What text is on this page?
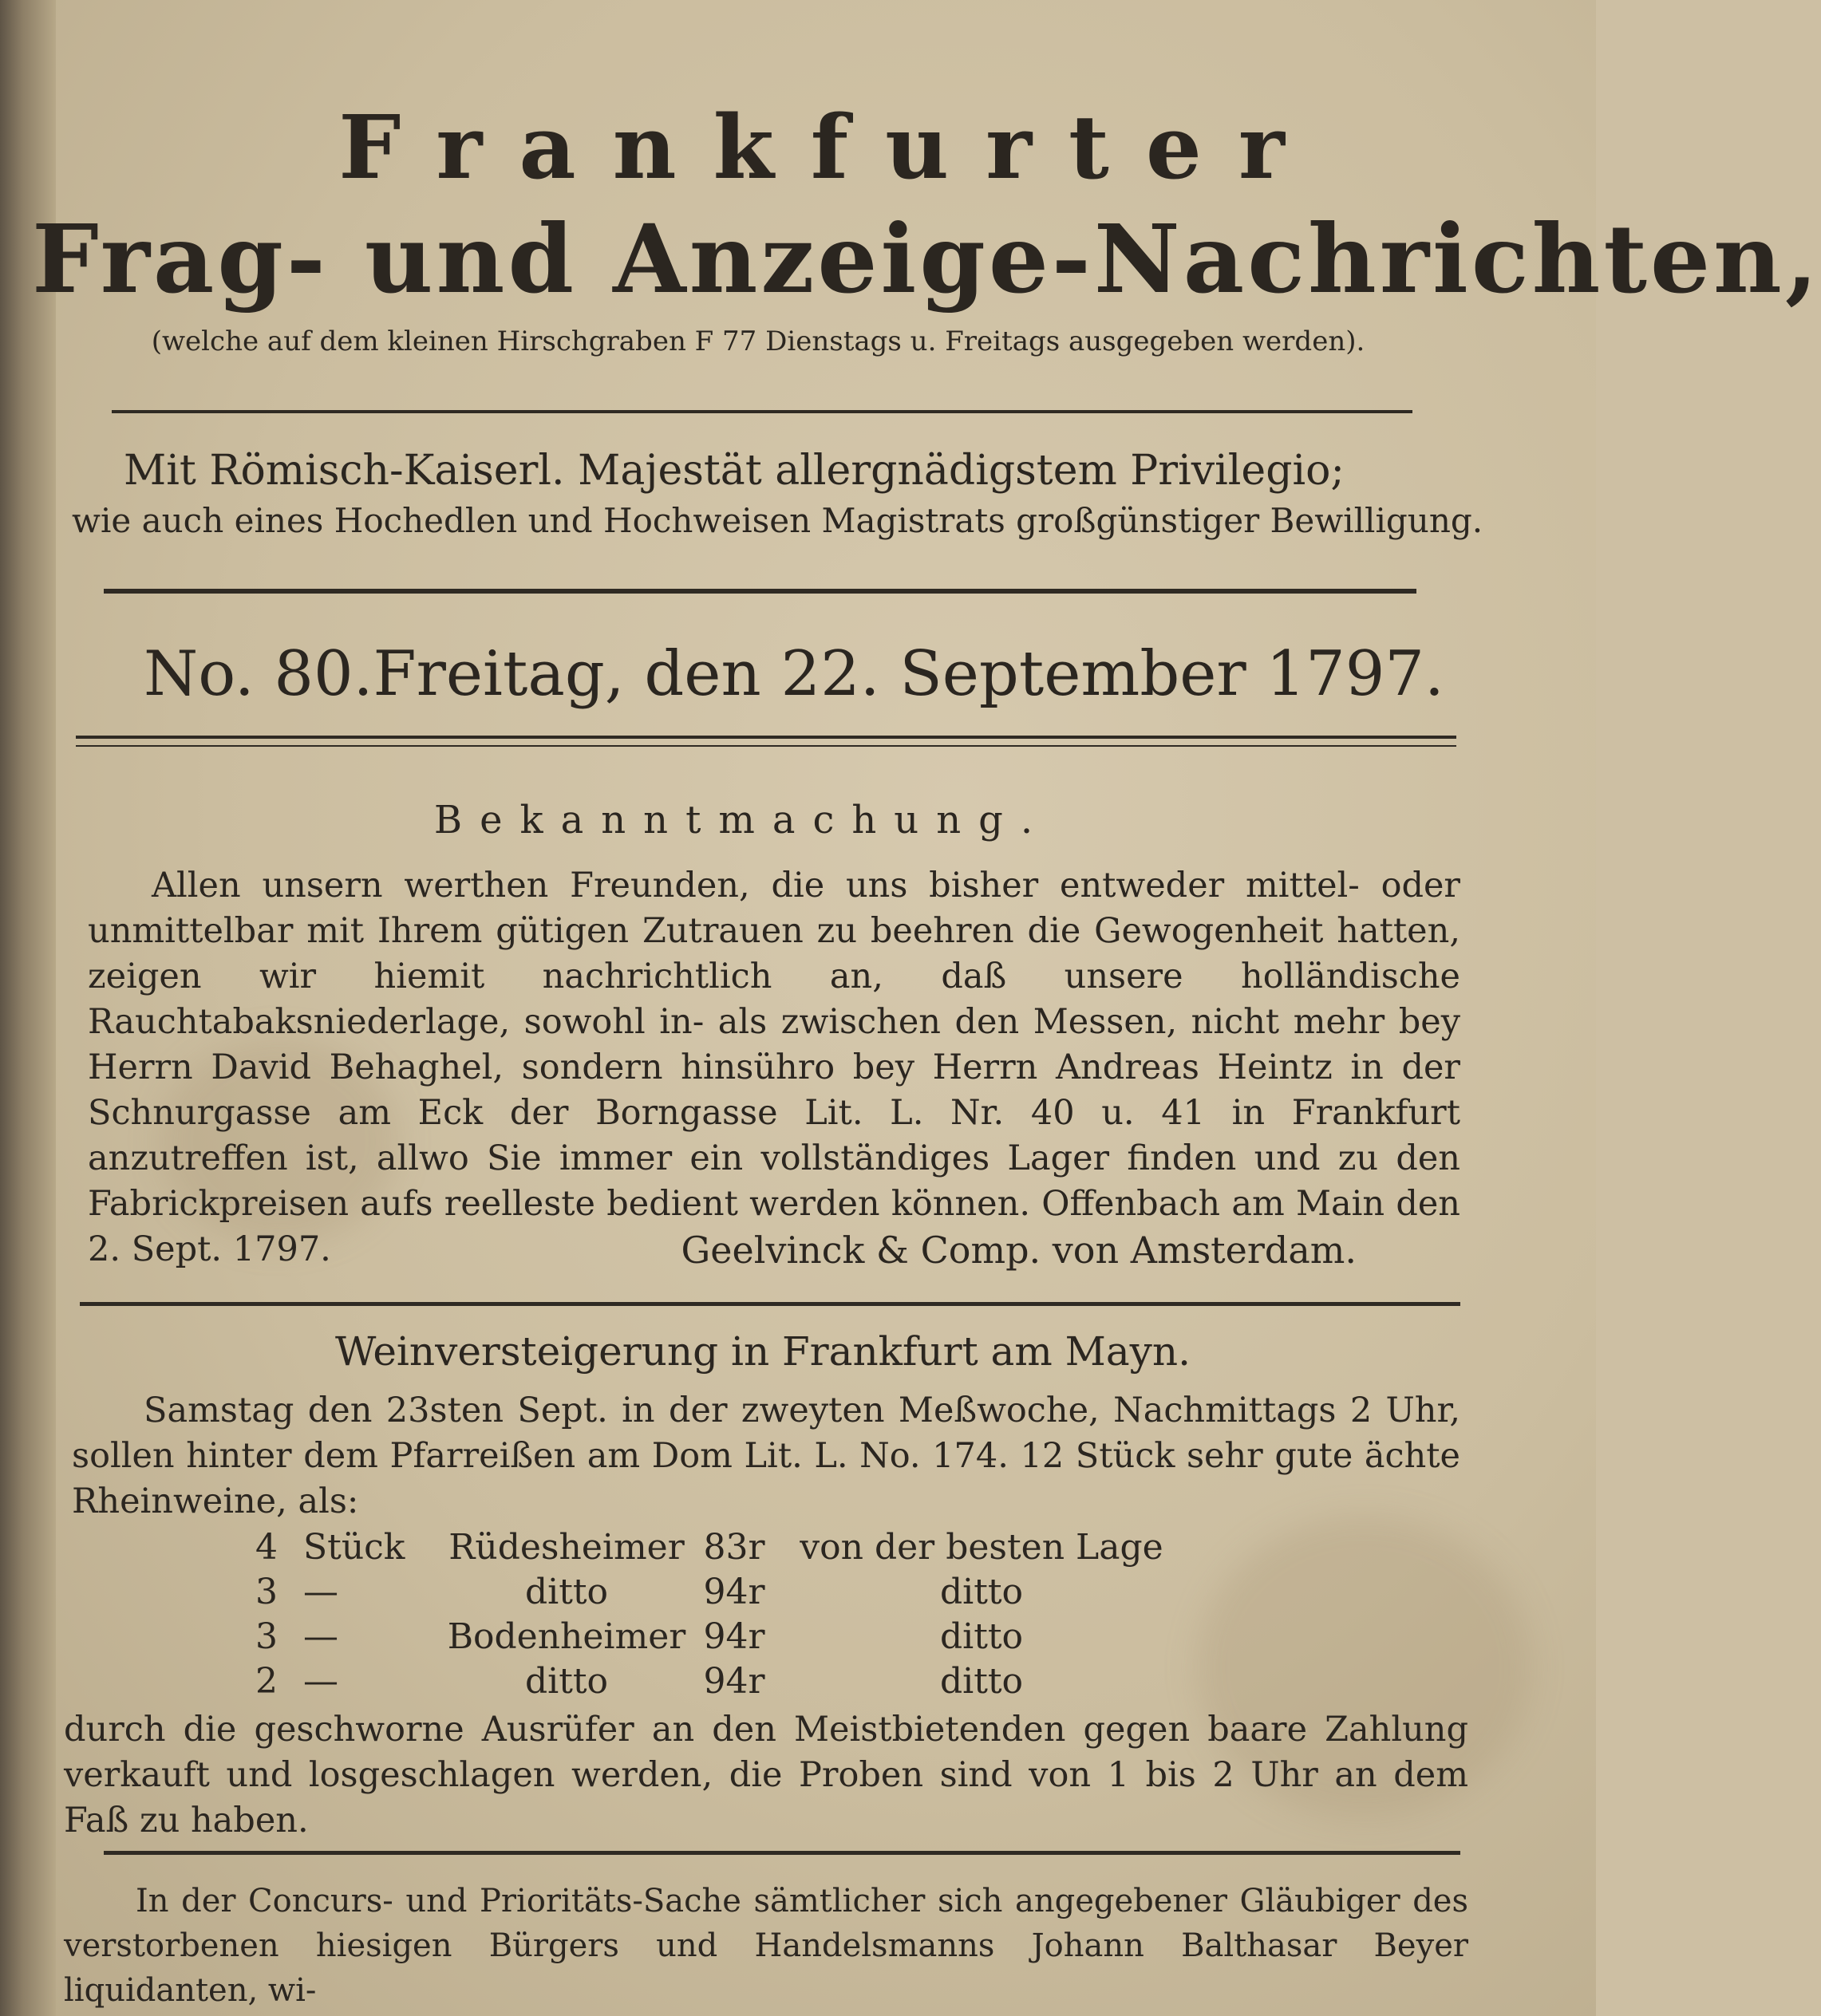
Frankfurter
Frag- und Anzeige-Nachrichten,
(welche auf dem kleinen Hirschgraben F 77 Dienstags u. Freitags ausgegeben werden).
Mit Römisch-Kaiserl. Majestät allergnädigstem Privilegio;
wie auch eines Hochedlen und Hochweisen Magistrats großgünstiger Bewilligung.
No. 80. Freitag, den 22. September 1797.
Bekanntmachung.
Allen unsern werthen Freunden, die uns bisher entweder mittel- oder unmittelbar mit Ihrem gütigen Zutrauen zu beehren die Gewogenheit hatten, zeigen wir hiemit nachrichtlich an, daß unsere holländische Rauchtabaksniederlage, sowohl in- als zwischen den Messen, nicht mehr bey Herrn David Behaghel, sondern hinsühro bey Herrn Andreas Heintz in der Schnurgasse am Eck der Borngasse Lit. L. Nr. 40 u. 41 in Frankfurt anzutreffen ist, allwo Sie immer ein vollständiges Lager finden und zu den Fabrickpreisen aufs reelleste bedient werden können. Offenbach am Main den 2. Sept. 1797.	Geelvinck & Comp. von Amsterdam.
Weinversteigerung in Frankfurt am Mayn.
Samstag den 23sten Sept. in der zweyten Meßwoche, Nachmittags 2 Uhr, sollen hinter dem Pfarreißen am Dom Lit. L. No. 174. 12 Stück sehr gute ächte Rheinweine, als:
4 Stück	Rüdesheimer 83r von der besten Lage
3 —	ditto	94r	ditto
3 —	Bodenheimer 94r	ditto
2 —	ditto	94r	ditto
durch die geschworne Ausrüfer an den Meistbietenden gegen baare Zahlung verkauft und losgeschlagen werden, die Proben sind von 1 bis 2 Uhr an dem Faß zu haben.
In der Concurs- und Prioritäts-Sache sämtlicher sich angegebener Gläubiger des verstorbenen hiesigen Bürgers und Handelsmanns Johann Balthasar Beyer liquidanten, wi-
